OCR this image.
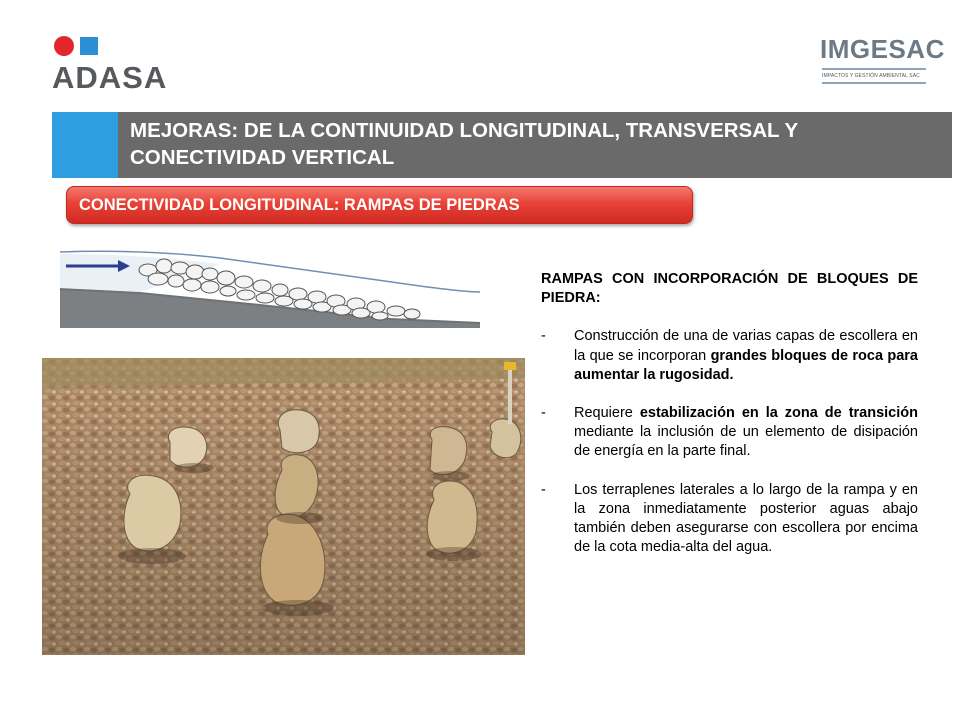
ADASA
IMGESAC
IMPACTOS Y GESTIÓN AMBIENTAL SAC
MEJORAS: DE LA CONTINUIDAD LONGITUDINAL, TRANSVERSAL Y
CONECTIVIDAD VERTICAL
CONECTIVIDAD LONGITUDINAL: RAMPAS DE PIEDRAS
RAMPAS CON INCORPORACIÓN DE BLOQUES DE PIEDRA:
- Construcción de una de varias capas de escollera en la que se incorporan grandes bloques de roca para aumentar la rugosidad.
- Requiere estabilización en la zona de transición mediante la inclusión de un elemento de disipación de energía en la parte final.
- Los terraplenes laterales a lo largo de la rampa y en la zona inmediatamente posterior aguas abajo también deben asegurarse con escollera por encima de la cota media-alta del agua.
